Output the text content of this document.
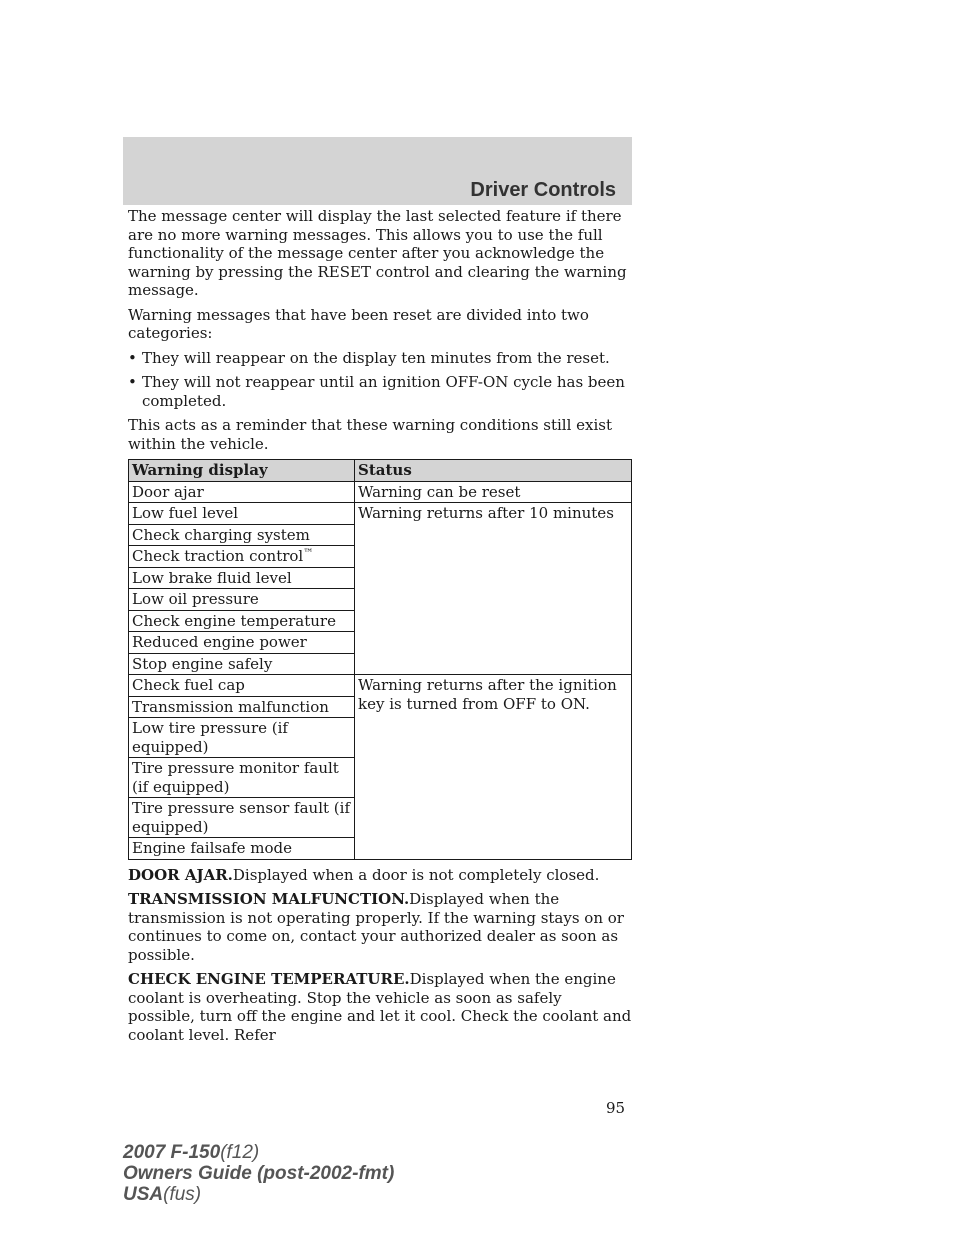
Driver Controls

The message center will display the last selected feature if there are no more warning messages. This allows you to use the full functionality of the message center after you acknowledge the warning by pressing the RESET control and clearing the warning message.

Warning messages that have been reset are divided into two categories:

• They will reappear on the display ten minutes from the reset.
• They will not reappear until an ignition OFF-ON cycle has been completed.

This acts as a reminder that these warning conditions still exist within the vehicle.

Warning display	Status
Door ajar	Warning can be reset
Low fuel level	Warning returns after 10 minutes
Check charging system	
Check traction control™
Low brake fluid level	
Low oil pressure	
Check engine temperature	
Reduced engine power	
Stop engine safely	
Check fuel cap	Warning returns after the ignition key is turned from OFF to ON.
Transmission malfunction	
Low tire pressure (if equipped)	
Tire pressure monitor fault (if equipped)	
Tire pressure sensor fault (if equipped)	
Engine failsafe mode	

DOOR AJAR.Displayed when a door is not completely closed.

TRANSMISSION MALFUNCTION.Displayed when the transmission is not operating properly. If the warning stays on or continues to come on, contact your authorized dealer as soon as possible.

CHECK ENGINE TEMPERATURE.Displayed when the engine coolant is overheating. Stop the vehicle as soon as safely possible, turn off the engine and let it cool. Check the coolant and coolant level. Refer

95
2007 F-150(f12)
Owners Guide (post-2002-fmt)
USA(fus)
